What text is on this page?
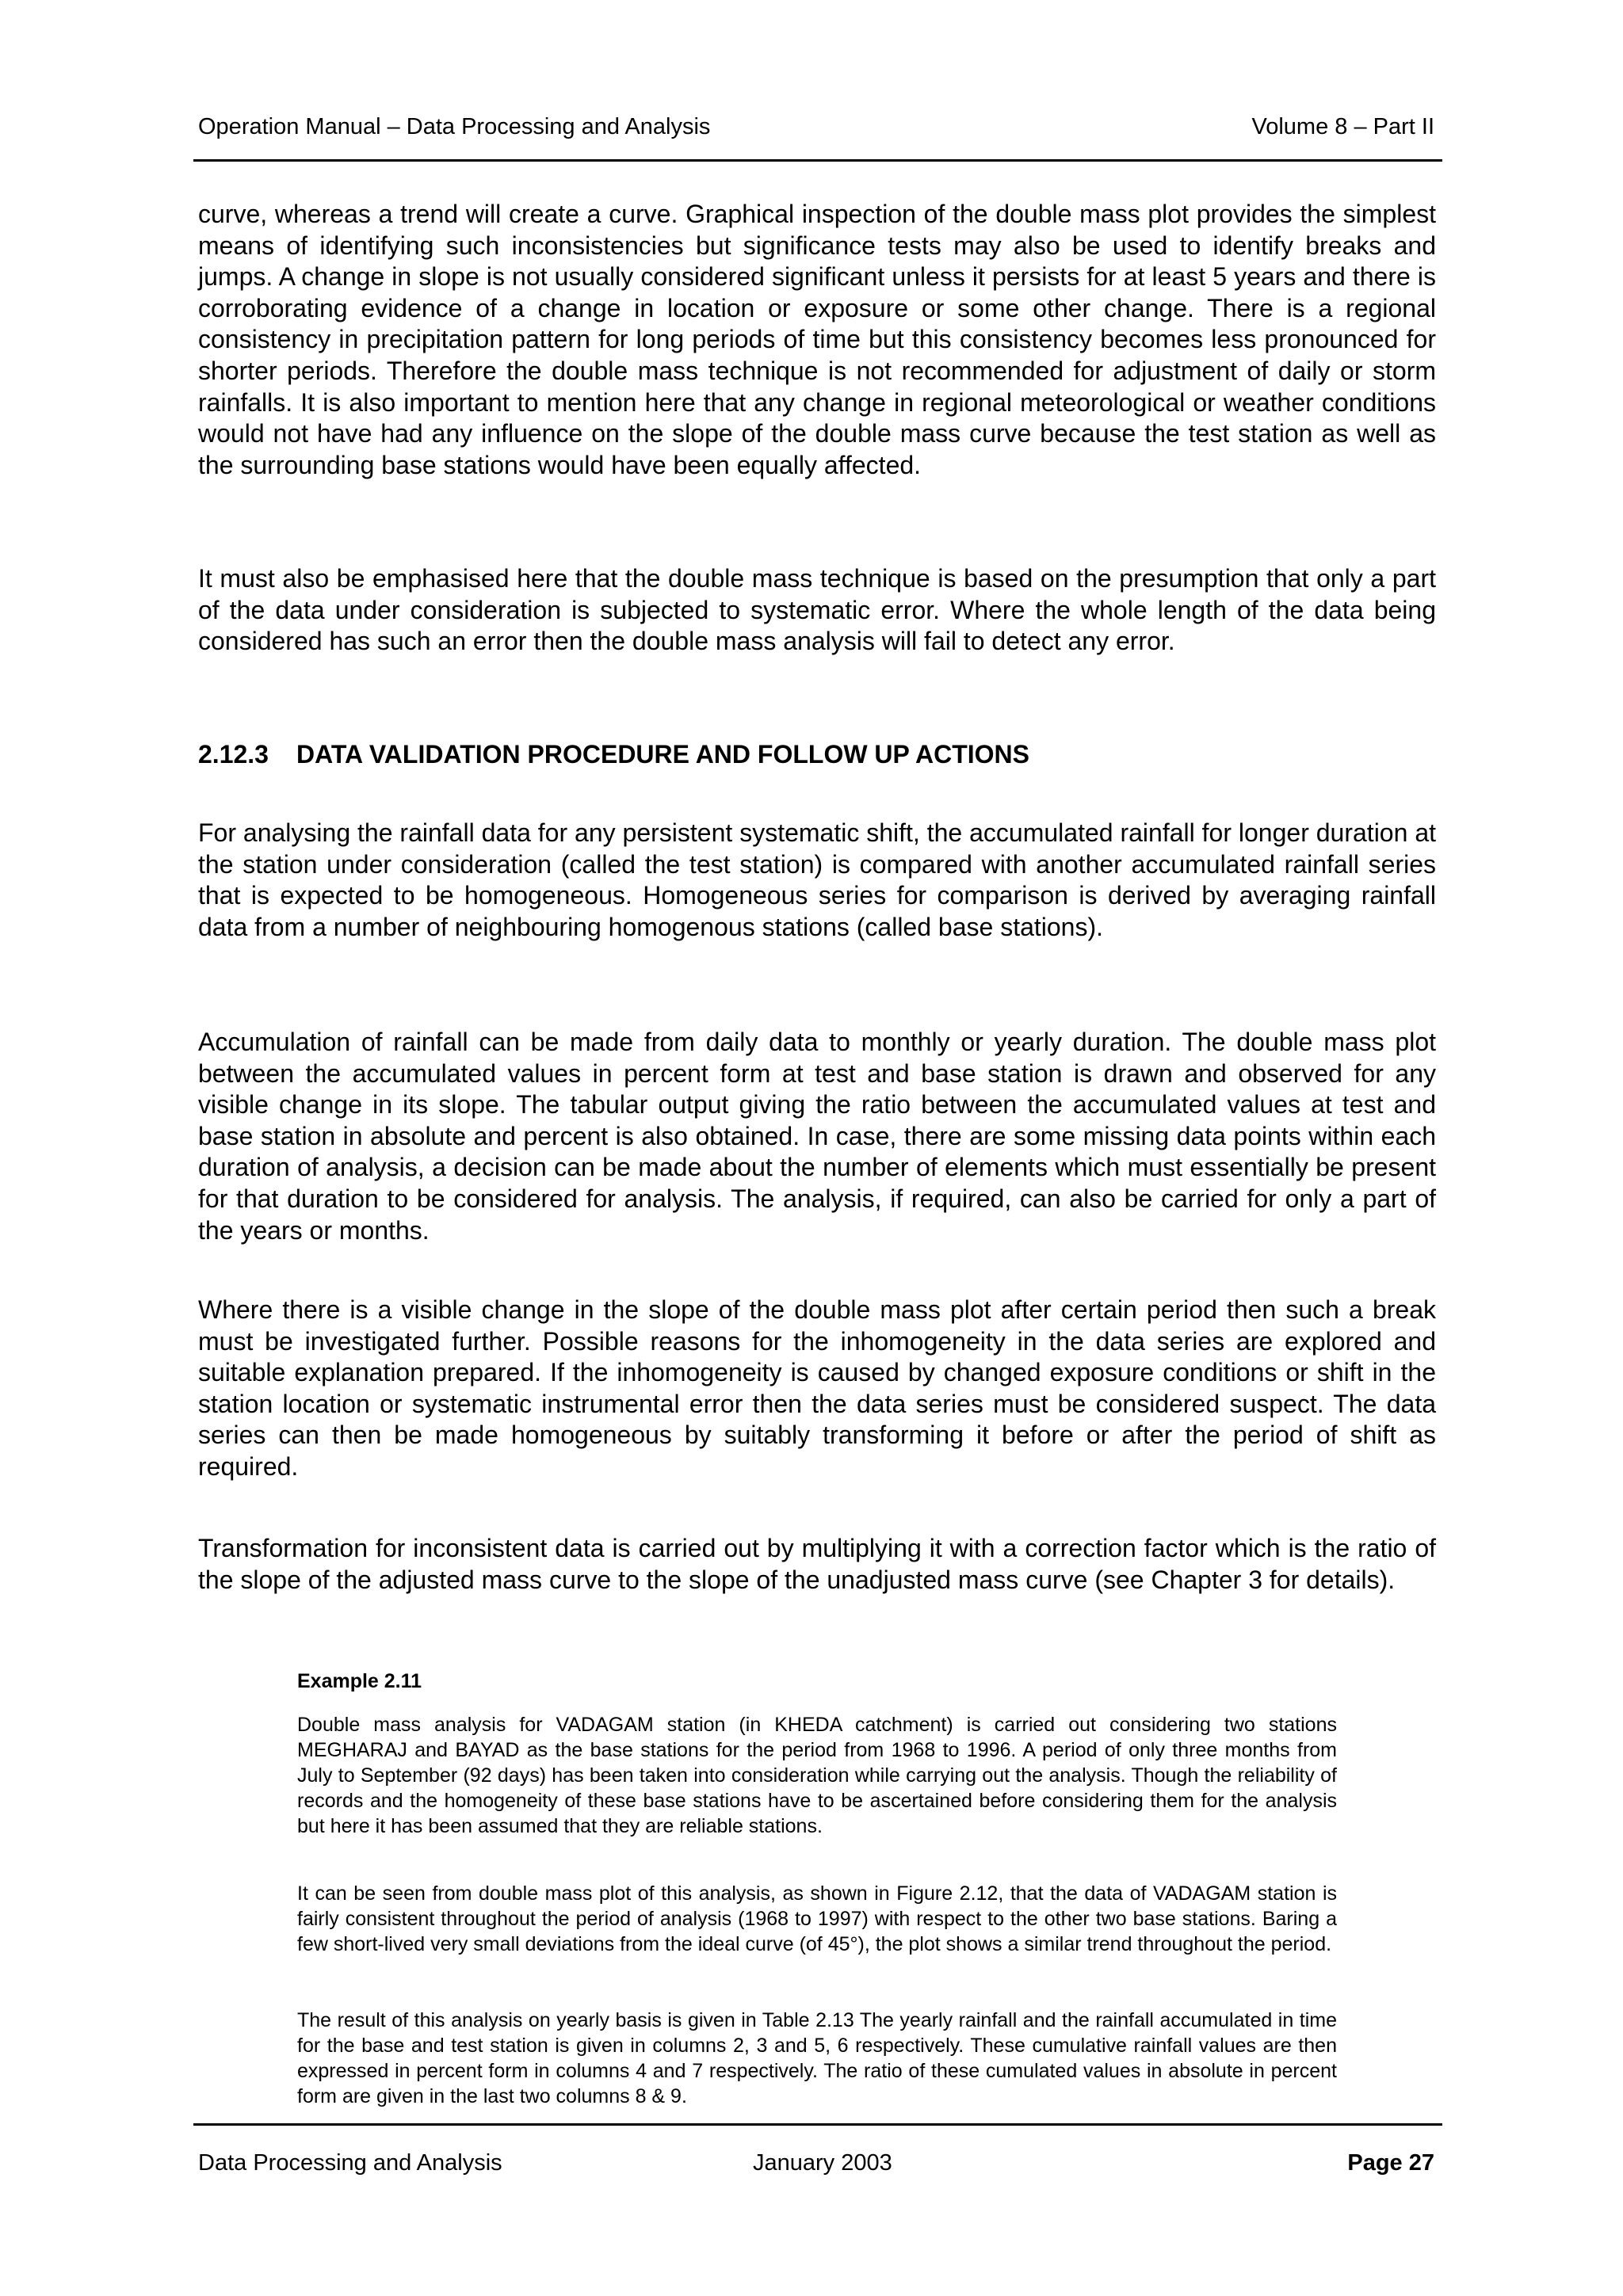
Operation Manual – Data Processing and Analysis	Volume 8 – Part II

curve, whereas a trend will create a curve. Graphical inspection of the double mass plot provides the simplest means of identifying such inconsistencies but significance tests may also be used to identify breaks and jumps. A change in slope is not usually considered significant unless it persists for at least 5 years and there is corroborating evidence of a change in location or exposure or some other change. There is a regional consistency in precipitation pattern for long periods of time but this consistency becomes less pronounced for shorter periods. Therefore the double mass technique is not recommended for adjustment of daily or storm rainfalls. It is also important to mention here that any change in regional meteorological or weather conditions would not have had any influence on the slope of the double mass curve because the test station as well as the surrounding base stations would have been equally affected.

It must also be emphasised here that the double mass technique is based on the presumption that only a part of the data under consideration is subjected to systematic error. Where the whole length of the data being considered has such an error then the double mass analysis will fail to detect any error.

2.12.3 DATA VALIDATION PROCEDURE AND FOLLOW UP ACTIONS

For analysing the rainfall data for any persistent systematic shift, the accumulated rainfall for longer duration at the station under consideration (called the test station) is compared with another accumulated rainfall series that is expected to be homogeneous. Homogeneous series for comparison is derived by averaging rainfall data from a number of neighbouring homogenous stations (called base stations).

Accumulation of rainfall can be made from daily data to monthly or yearly duration. The double mass plot between the accumulated values in percent form at test and base station is drawn and observed for any visible change in its slope. The tabular output giving the ratio between the accumulated values at test and base station in absolute and percent is also obtained. In case, there are some missing data points within each duration of analysis, a decision can be made about the number of elements which must essentially be present for that duration to be considered for analysis. The analysis, if required, can also be carried for only a part of the years or months.

Where there is a visible change in the slope of the double mass plot after certain period then such a break must be investigated further. Possible reasons for the inhomogeneity in the data series are explored and suitable explanation prepared. If the inhomogeneity is caused by changed exposure conditions or shift in the station location or systematic instrumental error then the data series must be considered suspect. The data series can then be made homogeneous by suitably transforming it before or after the period of shift as required.

Transformation for inconsistent data is carried out by multiplying it with a correction factor which is the ratio of the slope of the adjusted mass curve to the slope of the unadjusted mass curve (see Chapter 3 for details).

Example 2.11

Double mass analysis for VADAGAM station (in KHEDA catchment) is carried out considering two stations MEGHARAJ and BAYAD as the base stations for the period from 1968 to 1996. A period of only three months from July to September (92 days) has been taken into consideration while carrying out the analysis. Though the reliability of records and the homogeneity of these base stations have to be ascertained before considering them for the analysis but here it has been assumed that they are reliable stations.

It can be seen from double mass plot of this analysis, as shown in Figure 2.12, that the data of VADAGAM station is fairly consistent throughout the period of analysis (1968 to 1997) with respect to the other two base stations. Baring a few short-lived very small deviations from the ideal curve (of 45°), the plot shows a similar trend throughout the period.

The result of this analysis on yearly basis is given in Table 2.13 The yearly rainfall and the rainfall accumulated in time for the base and test station is given in columns 2, 3 and 5, 6 respectively. These cumulative rainfall values are then expressed in percent form in columns 4 and 7 respectively. The ratio of these cumulated values in absolute in percent form are given in the last two columns 8 & 9.

Data Processing and Analysis	January 2003	Page 27
